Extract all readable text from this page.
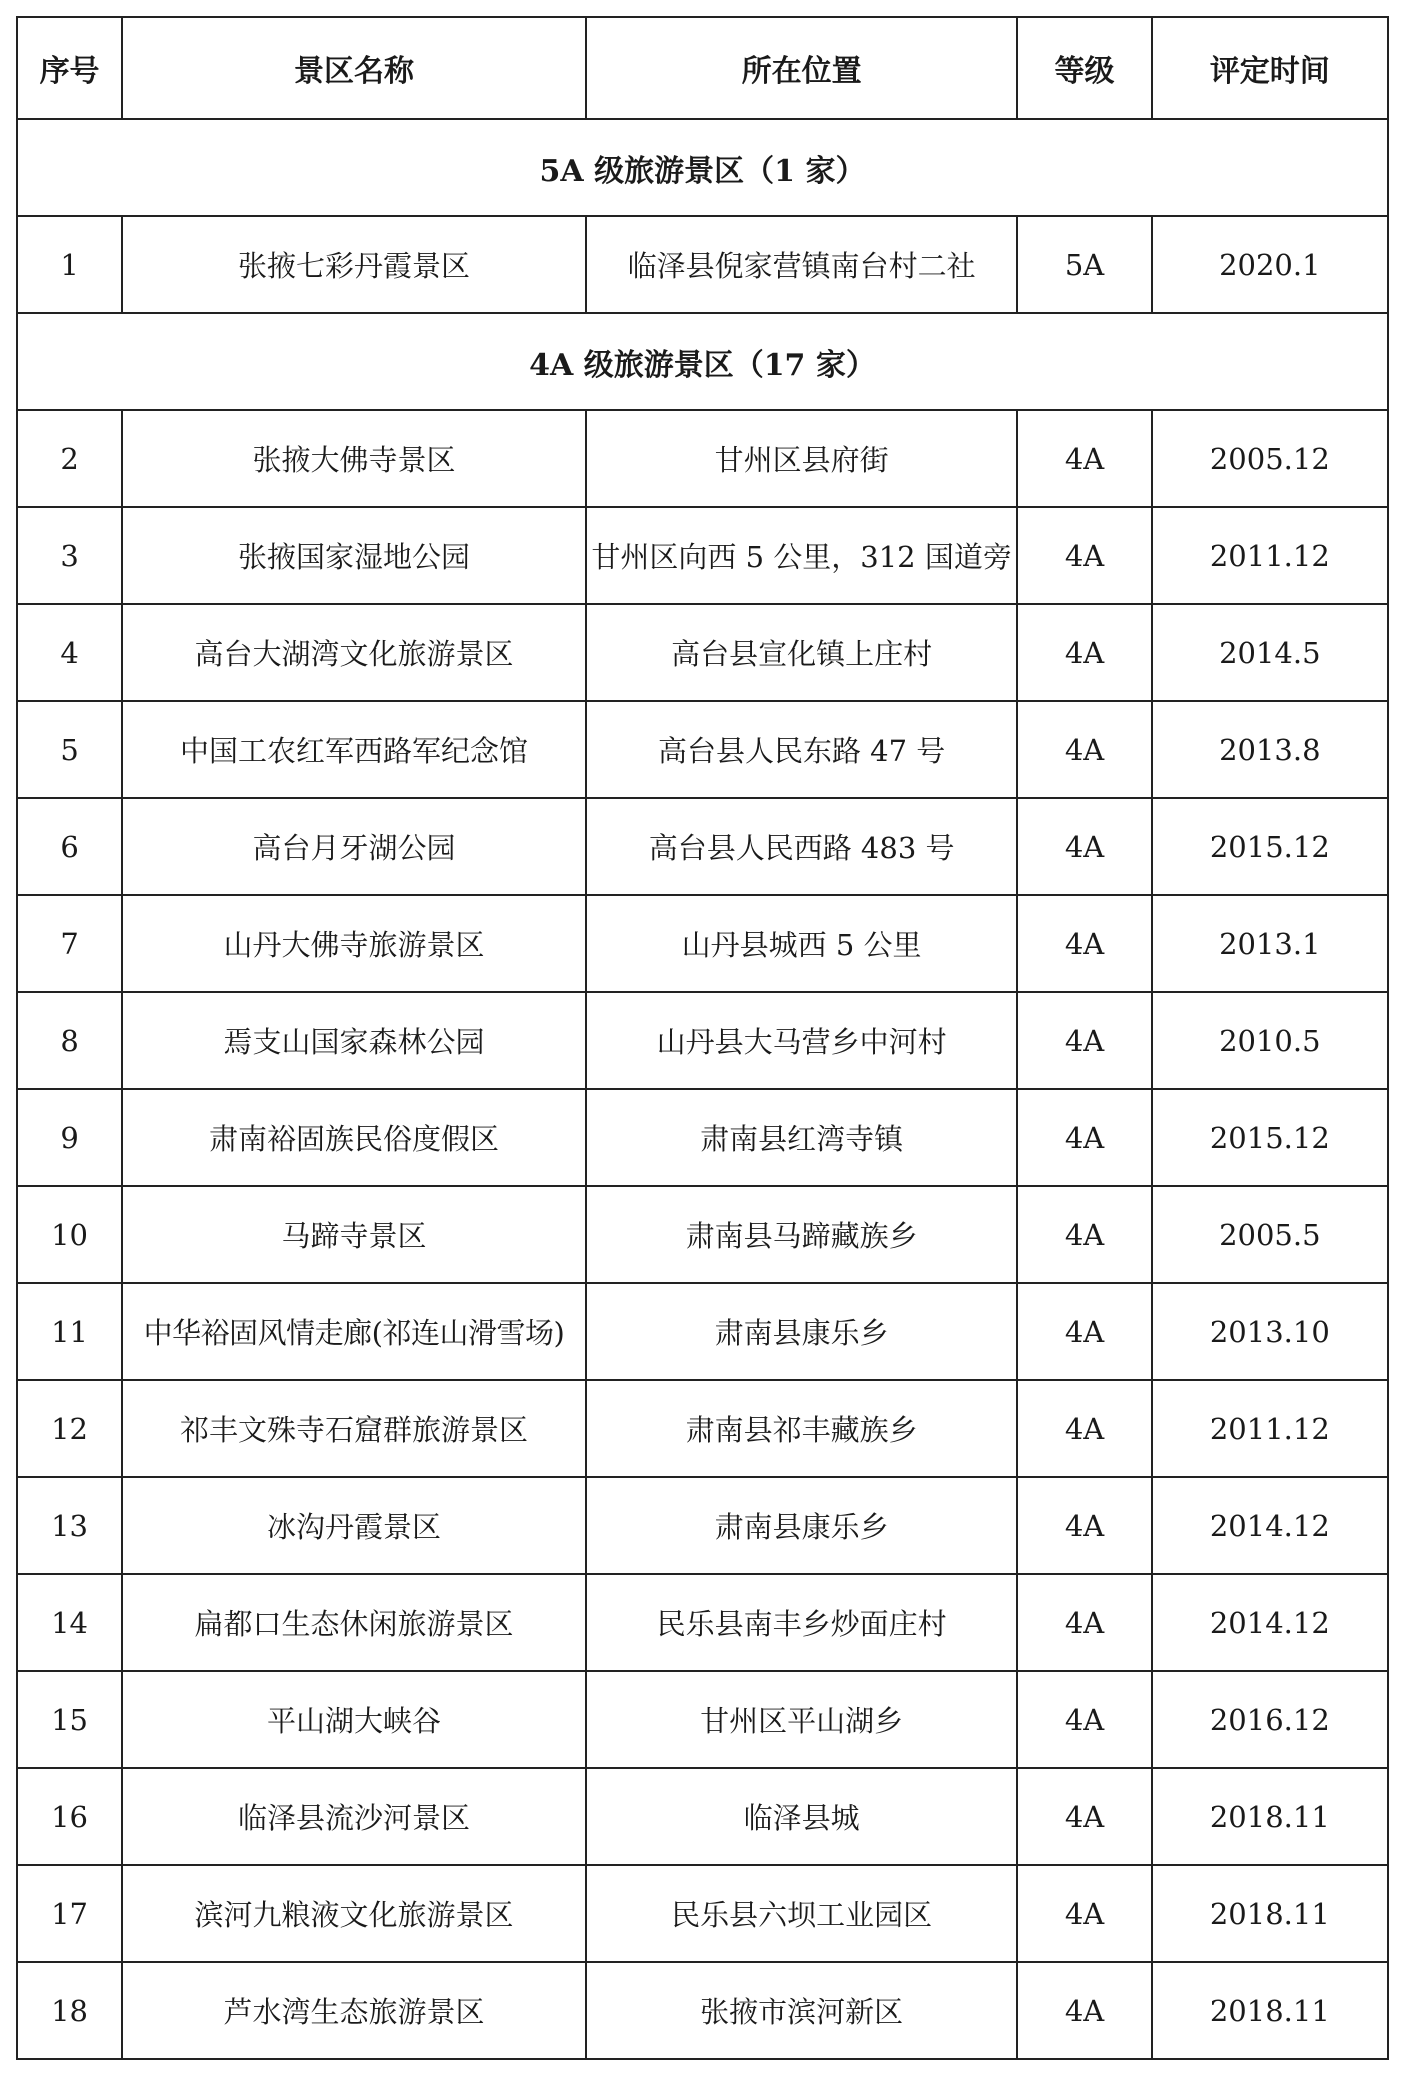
序号	景区名称	所在位置	等级	评定时间
5A 级旅游景区（1 家）				
1	张掖七彩丹霞景区	临泽县倪家营镇南台村二社	5A	2020.1
4A 级旅游景区（17 家）				
2	张掖大佛寺景区	甘州区县府街	4A	2005.12
3	张掖国家湿地公园	甘州区向西 5 公里，312 国道旁	4A	2011.12
4	高台大湖湾文化旅游景区	高台县宣化镇上庄村	4A	2014.5
5	中国工农红军西路军纪念馆	高台县人民东路 47 号	4A	2013.8
6	高台月牙湖公园	高台县人民西路 483 号	4A	2015.12
7	山丹大佛寺旅游景区	山丹县城西 5 公里	4A	2013.1
8	焉支山国家森林公园	山丹县大马营乡中河村	4A	2010.5
9	肃南裕固族民俗度假区	肃南县红湾寺镇	4A	2015.12
10	马蹄寺景区	肃南县马蹄藏族乡	4A	2005.5
11	中华裕固风情走廊(祁连山滑雪场)	肃南县康乐乡	4A	2013.10
12	祁丰文殊寺石窟群旅游景区	肃南县祁丰藏族乡	4A	2011.12
13	冰沟丹霞景区	肃南县康乐乡	4A	2014.12
14	扁都口生态休闲旅游景区	民乐县南丰乡炒面庄村	4A	2014.12
15	平山湖大峡谷	甘州区平山湖乡	4A	2016.12
16	临泽县流沙河景区	临泽县城	4A	2018.11
17	滨河九粮液文化旅游景区	民乐县六坝工业园区	4A	2018.11
18	芦水湾生态旅游景区	张掖市滨河新区	4A	2018.11
